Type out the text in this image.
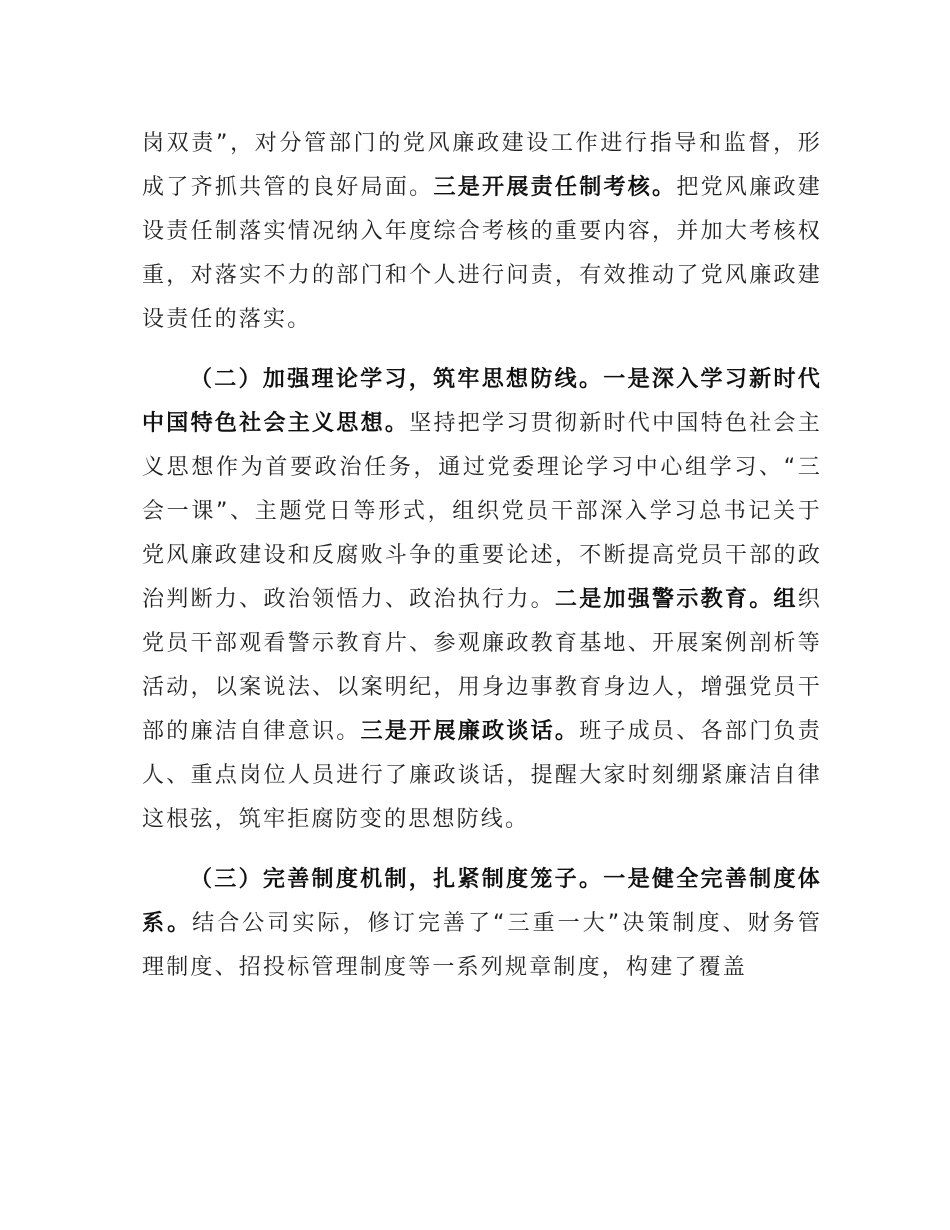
岗双责”，对分管部门的党风廉政建设工作进行指导和监督，形成了齐抓共管的良好局面。三是开展责任制考核。把党风廉政建设责任制落实情况纳入年度综合考核的重要内容，并加大考核权重，对落实不力的部门和个人进行问责，有效推动了党风廉政建设责任的落实。

（二）加强理论学习，筑牢思想防线。一是深入学习新时代中国特色社会主义思想。坚持把学习贯彻新时代中国特色社会主义思想作为首要政治任务，通过党委理论学习中心组学习、“三会一课”、主题党日等形式，组织党员干部深入学习总书记关于党风廉政建设和反腐败斗争的重要论述，不断提高党员干部的政治判断力、政治领悟力、政治执行力。二是加强警示教育。组织党员干部观看警示教育片、参观廉政教育基地、开展案例剖析等活动，以案说法、以案明纪，用身边事教育身边人，增强党员干部的廉洁自律意识。三是开展廉政谈话。班子成员、各部门负责人、重点岗位人员进行了廉政谈话，提醒大家时刻绷紧廉洁自律这根弦，筑牢拒腐防变的思想防线。

（三）完善制度机制，扎紧制度笼子。一是健全完善制度体系。结合公司实际，修订完善了“三重一大”决策制度、财务管理制度、招投标管理制度等一系列规章制度，构建了覆盖
